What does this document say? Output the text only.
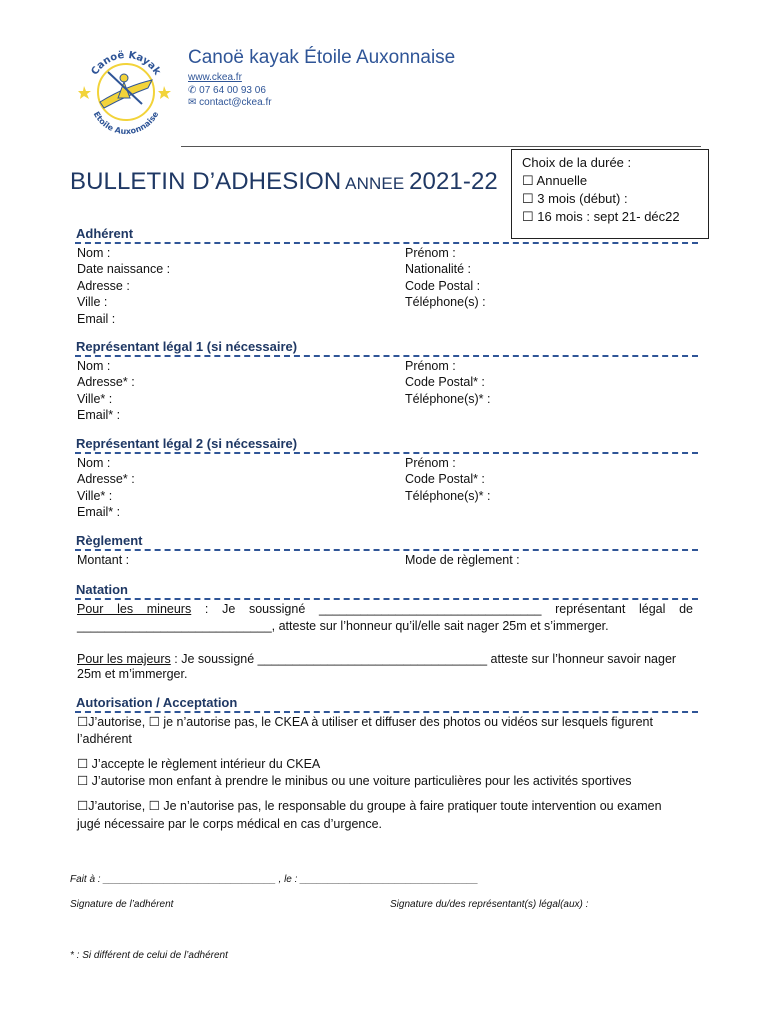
Canoë Kayak
Etoile Auxonnaise
Canoë kayak Étoile Auxonnaise
www.ckea.fr
✆ 07 64 00 93 06
✉ contact@ckea.fr
BULLETIN D’ADHESION ANNEE 2021-22
Choix de la durée :
☐ Annuelle
☐ 3 mois (début) :
☐ 16 mois : sept 21- déc22
Adhérent
Nom :
Date naissance :
Adresse :
Ville :
Email :
Prénom :
Nationalité :
Code Postal :
Téléphone(s) :
Représentant légal 1 (si nécessaire)
Nom :
Adresse* :
Ville* :
Email* :
Prénom :
Code Postal* :
Téléphone(s)* :
Représentant légal 2 (si nécessaire)
Nom :
Adresse* :
Ville* :
Email* :
Prénom :
Code Postal* :
Téléphone(s)* :
Règlement
Montant :	Mode de règlement :
Natation
Pour les mineurs : Je soussigné ________________________________ représentant légal de
____________________________, atteste sur l’honneur qu’il/elle sait nager 25m et s’immerger.
Pour les majeurs : Je soussigné _________________________________ atteste sur l’honneur savoir nager
25m et m’immerger.
Autorisation / Acceptation
☐J’autorise, ☐ je n’autorise pas, le CKEA à utiliser et diffuser des photos ou vidéos sur lesquels figurent
l’adhérent
☐ J’accepte le règlement intérieur du CKEA
☐ J’autorise mon enfant à prendre le minibus ou une voiture particulières pour les activités sportives
☐J’autorise, ☐ Je n’autorise pas, le responsable du groupe à faire pratiquer toute intervention ou examen
jugé nécessaire par le corps médical en cas d’urgence.
Fait à : _______________________________ , le : ________________________________
Signature de l’adhérent	Signature du/des représentant(s) légal(aux) :
* : Si différent de celui de l’adhérent
